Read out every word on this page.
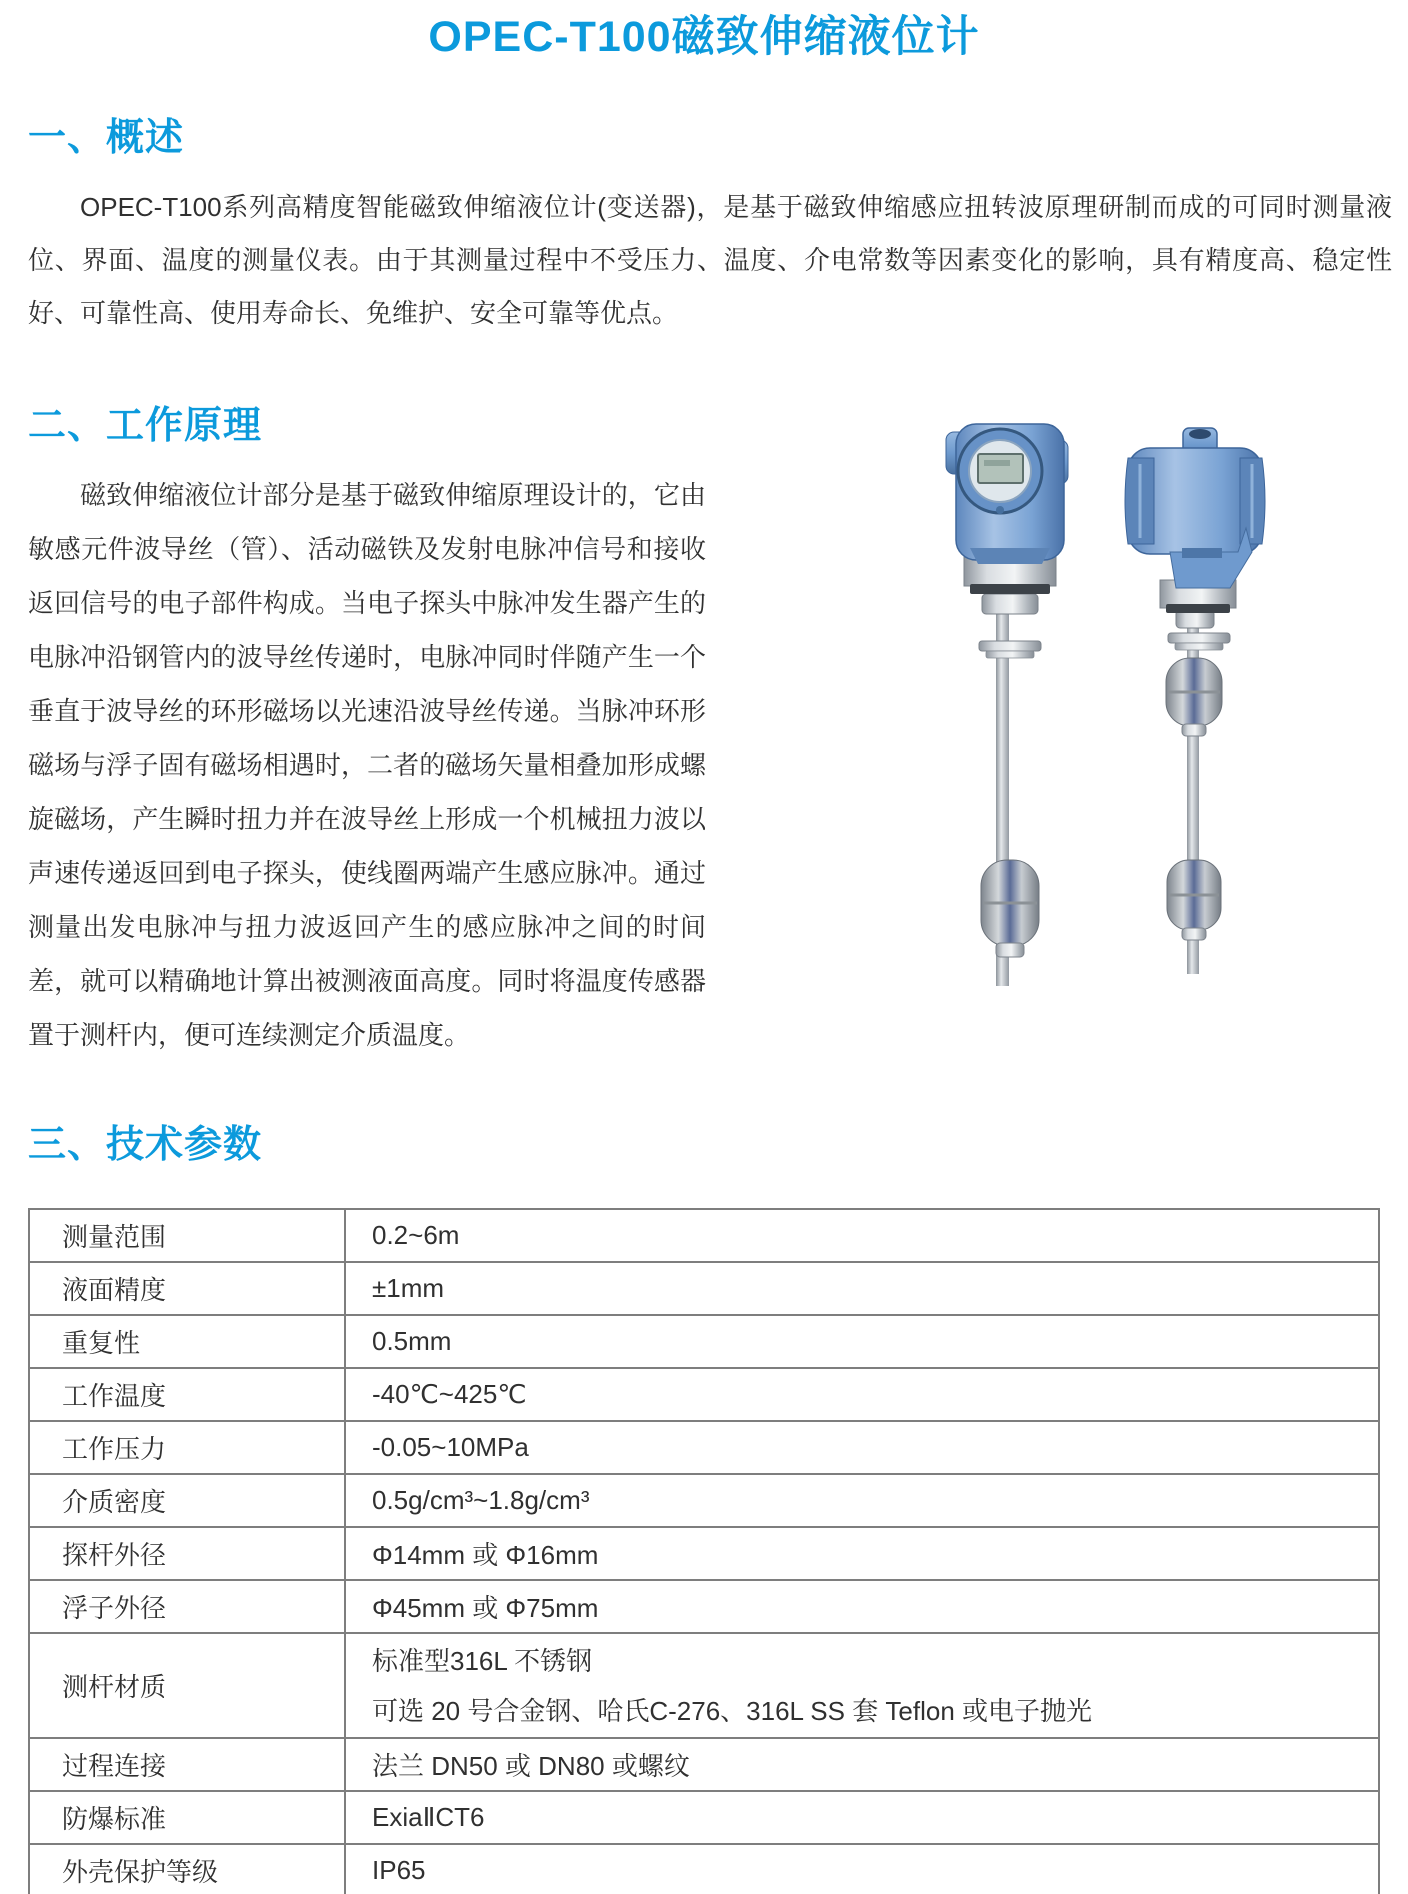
OPEC-T100磁致伸缩液位计
一、概述

OPEC-T100系列高精度智能磁致伸缩液位计(变送器)，是基于磁致伸缩感应扭转波原理研制而成的可同时测量液位、界面、温度的测量仪表。由于其测量过程中不受压力、温度、介电常数等因素变化的影响，具有精度高、稳定性好、可靠性高、使用寿命长、免维护、安全可靠等优点。

二、工作原理

磁致伸缩液位计部分是基于磁致伸缩原理设计的，它由敏感元件波导丝（管）、活动磁铁及发射电脉冲信号和接收返回信号的电子部件构成。当电子探头中脉冲发生器产生的电脉冲沿钢管内的波导丝传递时，电脉冲同时伴随产生一个垂直于波导丝的环形磁场以光速沿波导丝传递。当脉冲环形磁场与浮子固有磁场相遇时，二者的磁场矢量相叠加形成螺旋磁场，产生瞬时扭力并在波导丝上形成一个机械扭力波以声速传递返回到电子探头，使线圈两端产生感应脉冲。通过测量出发电脉冲与扭力波返回产生的感应脉冲之间的时间差，就可以精确地计算出被测液面高度。同时将温度传感器置于测杆内，便可连续测定介质温度。

三、技术参数
测量范围	0.2~6m
液面精度	±1mm
重复性	0.5mm
工作温度	-40℃~425℃
工作压力	-0.05~10MPa
介质密度	0.5g/cm³~1.8g/cm³
探杆外径	Φ14mm 或 Φ16mm
浮子外径	Φ45mm 或 Φ75mm
测杆材质	标准型316L 不锈钢
可选 20 号合金钢、哈氏C-276、316L SS 套 Teflon 或电子抛光

过程连接	法兰 DN50 或 DN80 或螺纹
防爆标准	ExiaⅡCT6
外壳保护等级	IP65
